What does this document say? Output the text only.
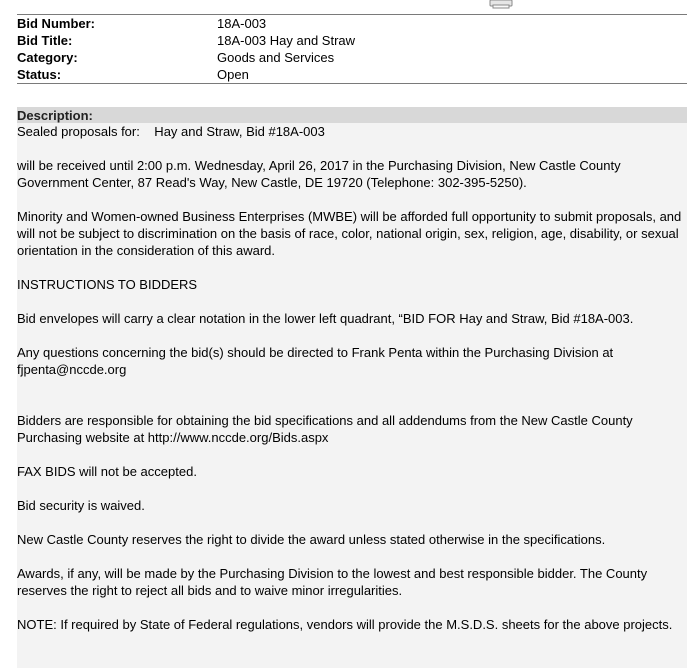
Bid Number:	18A-003
Bid Title:	18A-003 Hay and Straw
Category:	Goods and Services
Status:	Open
Description:

Sealed proposals for:    Hay and Straw, Bid #18A-003

will be received until 2:00 p.m. Wednesday, April 26, 2017 in the Purchasing Division, New Castle County Government Center, 87 Read's Way, New Castle, DE 19720 (Telephone: 302-395-5250).

Minority and Women-owned Business Enterprises (MWBE) will be afforded full opportunity to submit proposals, and will not be subject to discrimination on the basis of race, color, national origin, sex, religion, age, disability, or sexual orientation in the consideration of this award.

INSTRUCTIONS TO BIDDERS

Bid envelopes will carry a clear notation in the lower left quadrant, “BID FOR Hay and Straw, Bid #18A-003.

Any questions concerning the bid(s) should be directed to Frank Penta within the Purchasing Division at fjpenta@nccde.org

Bidders are responsible for obtaining the bid specifications and all addendums from the New Castle County Purchasing website at http://www.nccde.org/Bids.aspx

FAX BIDS will not be accepted.

Bid security is waived.

New Castle County reserves the right to divide the award unless stated otherwise in the specifications.

Awards, if any, will be made by the Purchasing Division to the lowest and best responsible bidder. The County reserves the right to reject all bids and to waive minor irregularities.

NOTE: If required by State of Federal regulations, vendors will provide the M.S.D.S. sheets for the above projects.
